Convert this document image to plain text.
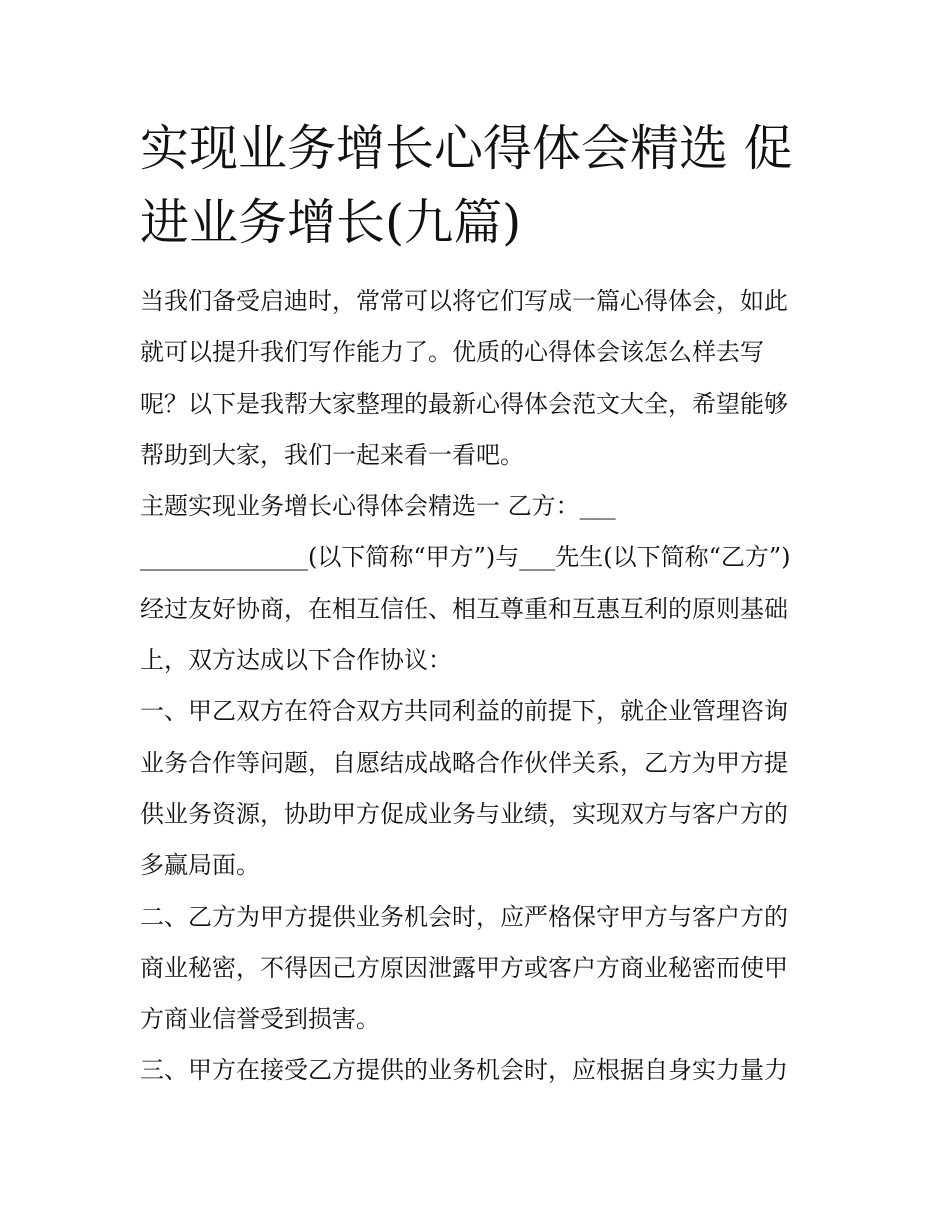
实现业务增长心得体会精选 促
进业务增长(九篇)
当我们备受启迪时，常常可以将它们写成一篇心得体会，如此
就可以提升我们写作能力了。优质的心得体会该怎么样去写
呢？以下是我帮大家整理的最新心得体会范文大全，希望能够
帮助到大家，我们一起来看一看吧。
主题实现业务增长心得体会精选一 乙方：___
______________(以下简称“甲方”)与___先生(以下简称“乙方”)
经过友好协商，在相互信任、相互尊重和互惠互利的原则基础
上，双方达成以下合作协议：
一、甲乙双方在符合双方共同利益的前提下，就企业管理咨询
业务合作等问题，自愿结成战略合作伙伴关系，乙方为甲方提
供业务资源，协助甲方促成业务与业绩，实现双方与客户方的
多赢局面。
二、乙方为甲方提供业务机会时，应严格保守甲方与客户方的
商业秘密，不得因己方原因泄露甲方或客户方商业秘密而使甲
方商业信誉受到损害。
三、甲方在接受乙方提供的业务机会时，应根据自身实力量力
